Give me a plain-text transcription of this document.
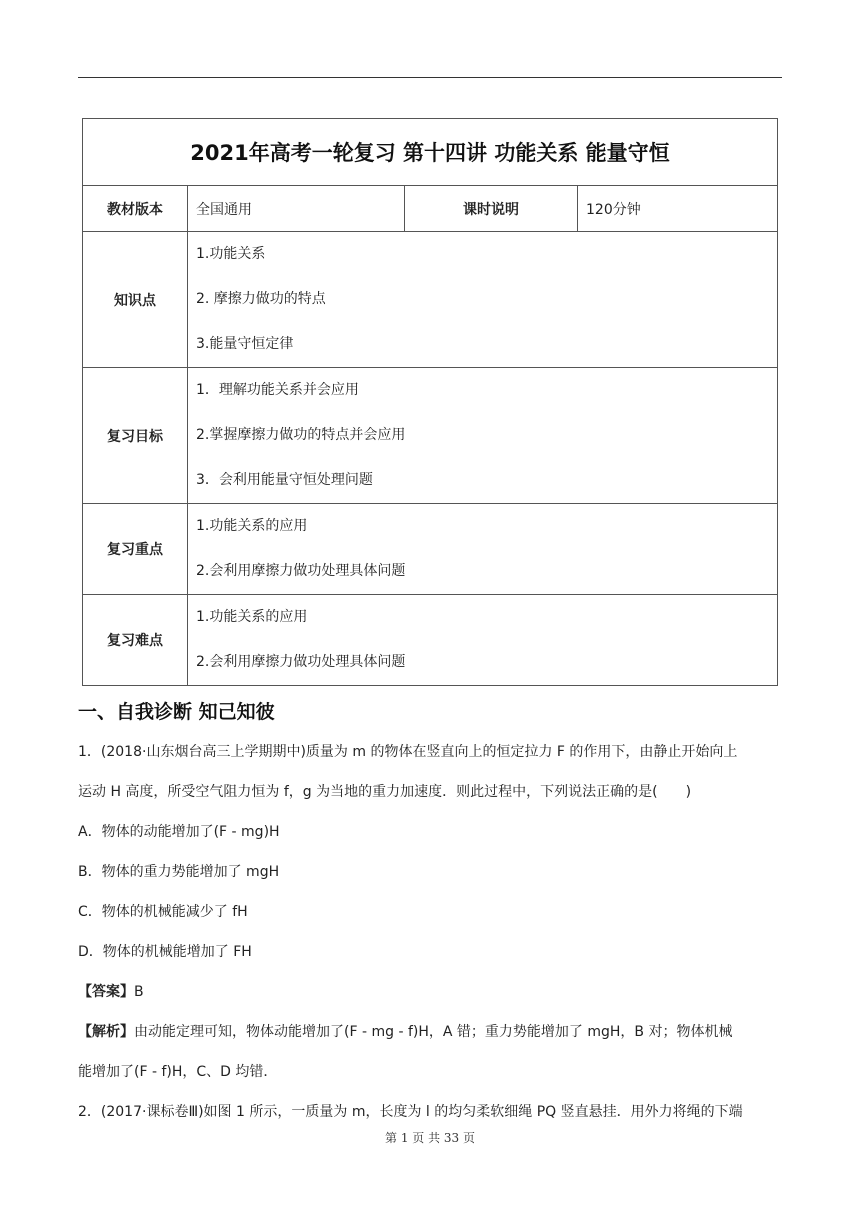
2021年高考一轮复习 第十四讲 功能关系 能量守恒			
教材版本	全国通用	课时说明	120分钟
知识点	1.功能关系
2. 摩擦力做功的特点
3.能量守恒定律		

复习目标	1．理解功能关系并会应用
2.掌握摩擦力做功的特点并会应用
3．会利用能量守恒处理问题		

复习重点	1.功能关系的应用
2.会利用摩擦力做功处理具体问题		

复习难点	1.功能关系的应用
2.会利用摩擦力做功处理具体问题		
一、自我诊断 知己知彼

1．(2018·山东烟台高三上学期期中)质量为 m 的物体在竖直向上的恒定拉力 F 的作用下，由静止开始向上

运动 H 高度，所受空气阻力恒为 f，g 为当地的重力加速度．则此过程中，下列说法正确的是(　　)

A．物体的动能增加了(F - mg)H

B．物体的重力势能增加了 mgH

C．物体的机械能减少了 fH

D．物体的机械能增加了 FH

【答案】B

【解析】由动能定理可知，物体动能增加了(F - mg - f)H，A 错；重力势能增加了 mgH，B 对；物体机械

能增加了(F - f)H，C、D 均错．

2．(2017·课标卷Ⅲ)如图 1 所示，一质量为 m，长度为 l 的均匀柔软细绳 PQ 竖直悬挂．用外力将绳的下端

第 1 页 共 33 页
